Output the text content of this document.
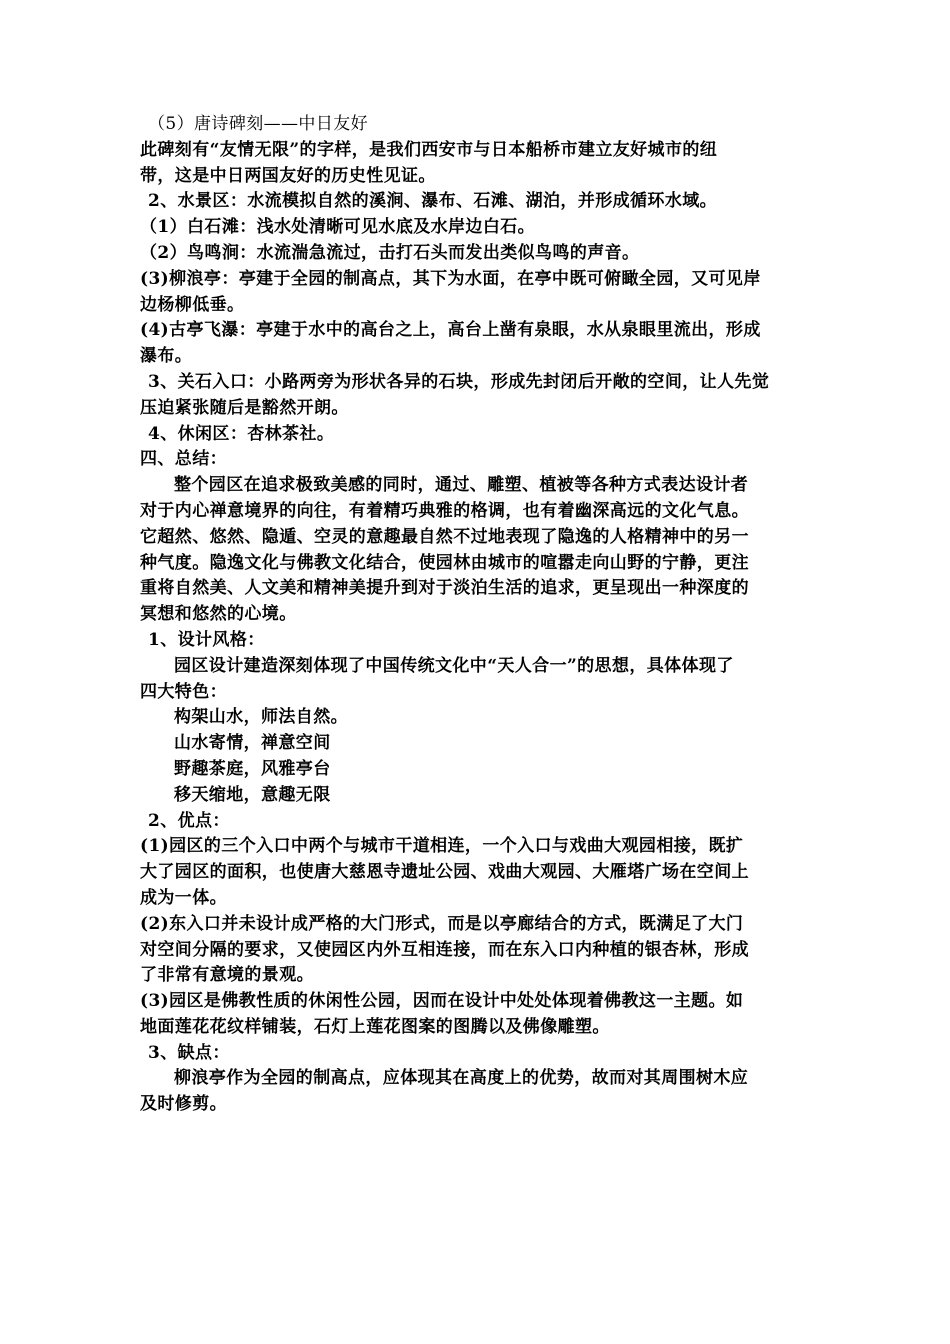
（5）唐诗碑刻——中日友好
此碑刻有“友情无限”的字样，是我们西安市与日本船桥市建立友好城市的纽
带，这是中日两国友好的历史性见证。
2、水景区：水流模拟自然的溪涧、瀑布、石滩、湖泊，并形成循环水域。
（1）白石滩：浅水处清晰可见水底及水岸边白石。
（2）鸟鸣涧：水流湍急流过，击打石头而发出类似鸟鸣的声音。
(3)柳浪亭：亭建于全园的制高点，其下为水面，在亭中既可俯瞰全园，又可见岸
边杨柳低垂。
(4)古亭飞瀑：亭建于水中的高台之上，高台上凿有泉眼，水从泉眼里流出，形成
瀑布。
3、关石入口：小路两旁为形状各异的石块，形成先封闭后开敞的空间，让人先觉
压迫紧张随后是豁然开朗。
4、休闲区：杏林茶社。
四、总结：
整个园区在追求极致美感的同时，通过、雕塑、植被等各种方式表达设计者
对于内心禅意境界的向往，有着精巧典雅的格调，也有着幽深高远的文化气息。
它超然、悠然、隐遁、空灵的意趣最自然不过地表现了隐逸的人格精神中的另一
种气度。隐逸文化与佛教文化结合，使园林由城市的喧嚣走向山野的宁静，更注
重将自然美、人文美和精神美提升到对于淡泊生活的追求，更呈现出一种深度的
冥想和悠然的心境。
1、设计风格：
园区设计建造深刻体现了中国传统文化中“天人合一”的思想，具体体现了
四大特色：
构架山水，师法自然。
山水寄情，禅意空间
野趣茶庭，风雅亭台
移天缩地，意趣无限
2、优点：
(1)园区的三个入口中两个与城市干道相连，一个入口与戏曲大观园相接，既扩
大了园区的面积，也使唐大慈恩寺遗址公园、戏曲大观园、大雁塔广场在空间上
成为一体。
(2)东入口并未设计成严格的大门形式，而是以亭廊结合的方式，既满足了大门
对空间分隔的要求，又使园区内外互相连接，而在东入口内种植的银杏林，形成
了非常有意境的景观。
(3)园区是佛教性质的休闲性公园，因而在设计中处处体现着佛教这一主题。如
地面莲花花纹样铺装，石灯上莲花图案的图腾以及佛像雕塑。
3、缺点：
柳浪亭作为全园的制高点，应体现其在高度上的优势，故而对其周围树木应
及时修剪。
